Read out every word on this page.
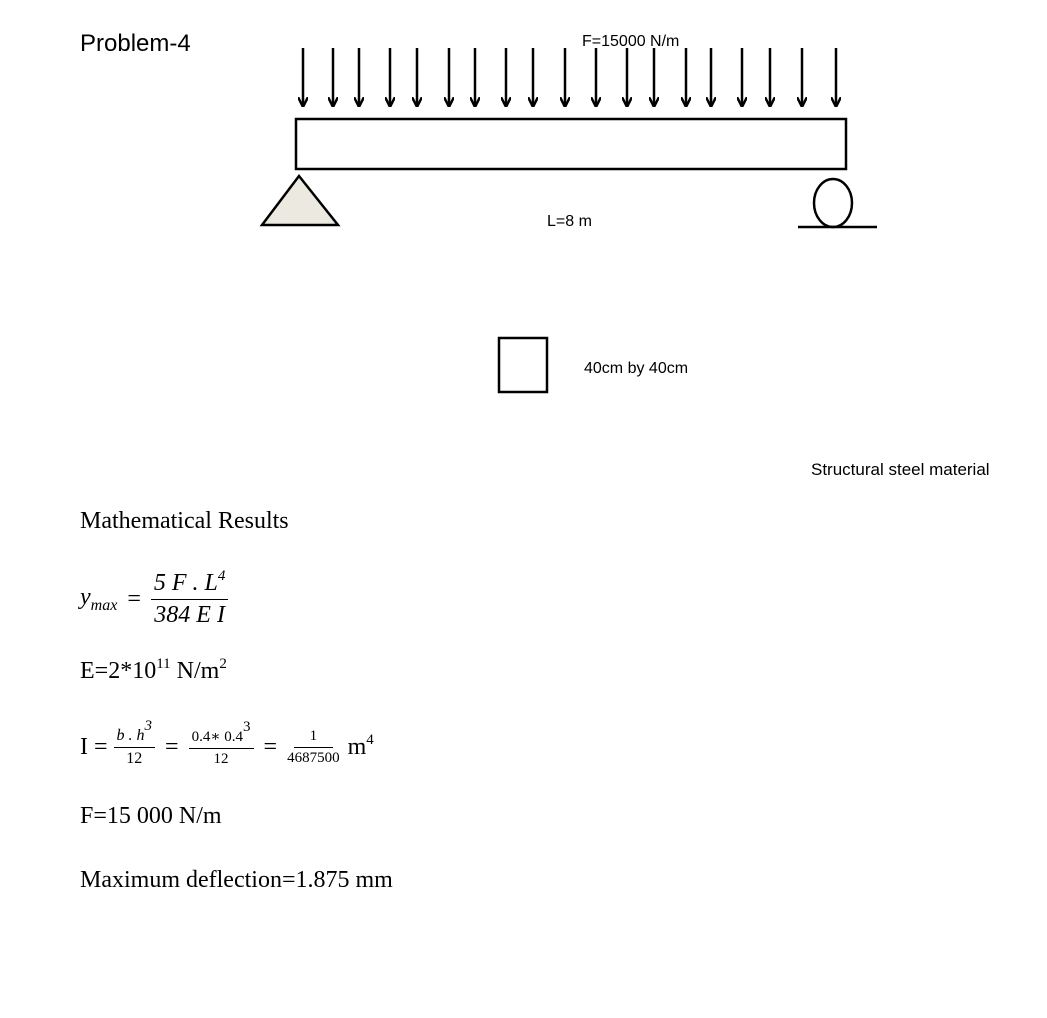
Problem-4	F=15000 N/m
L=8 m
40cm by 40cm
Structural steel material
Mathematical Results
$y_{max} = \frac{5 F . L^4}{\text{384 E I}}$
$E=2*10^{11}$ $N/m^2$
$I = \frac{b . h^3}{12} = \frac{0.4∗ 0.4^3}{12} = \frac{1}{4687500} m^4$
F=15 000 N/m
Maximum deflection=1.875 mm
